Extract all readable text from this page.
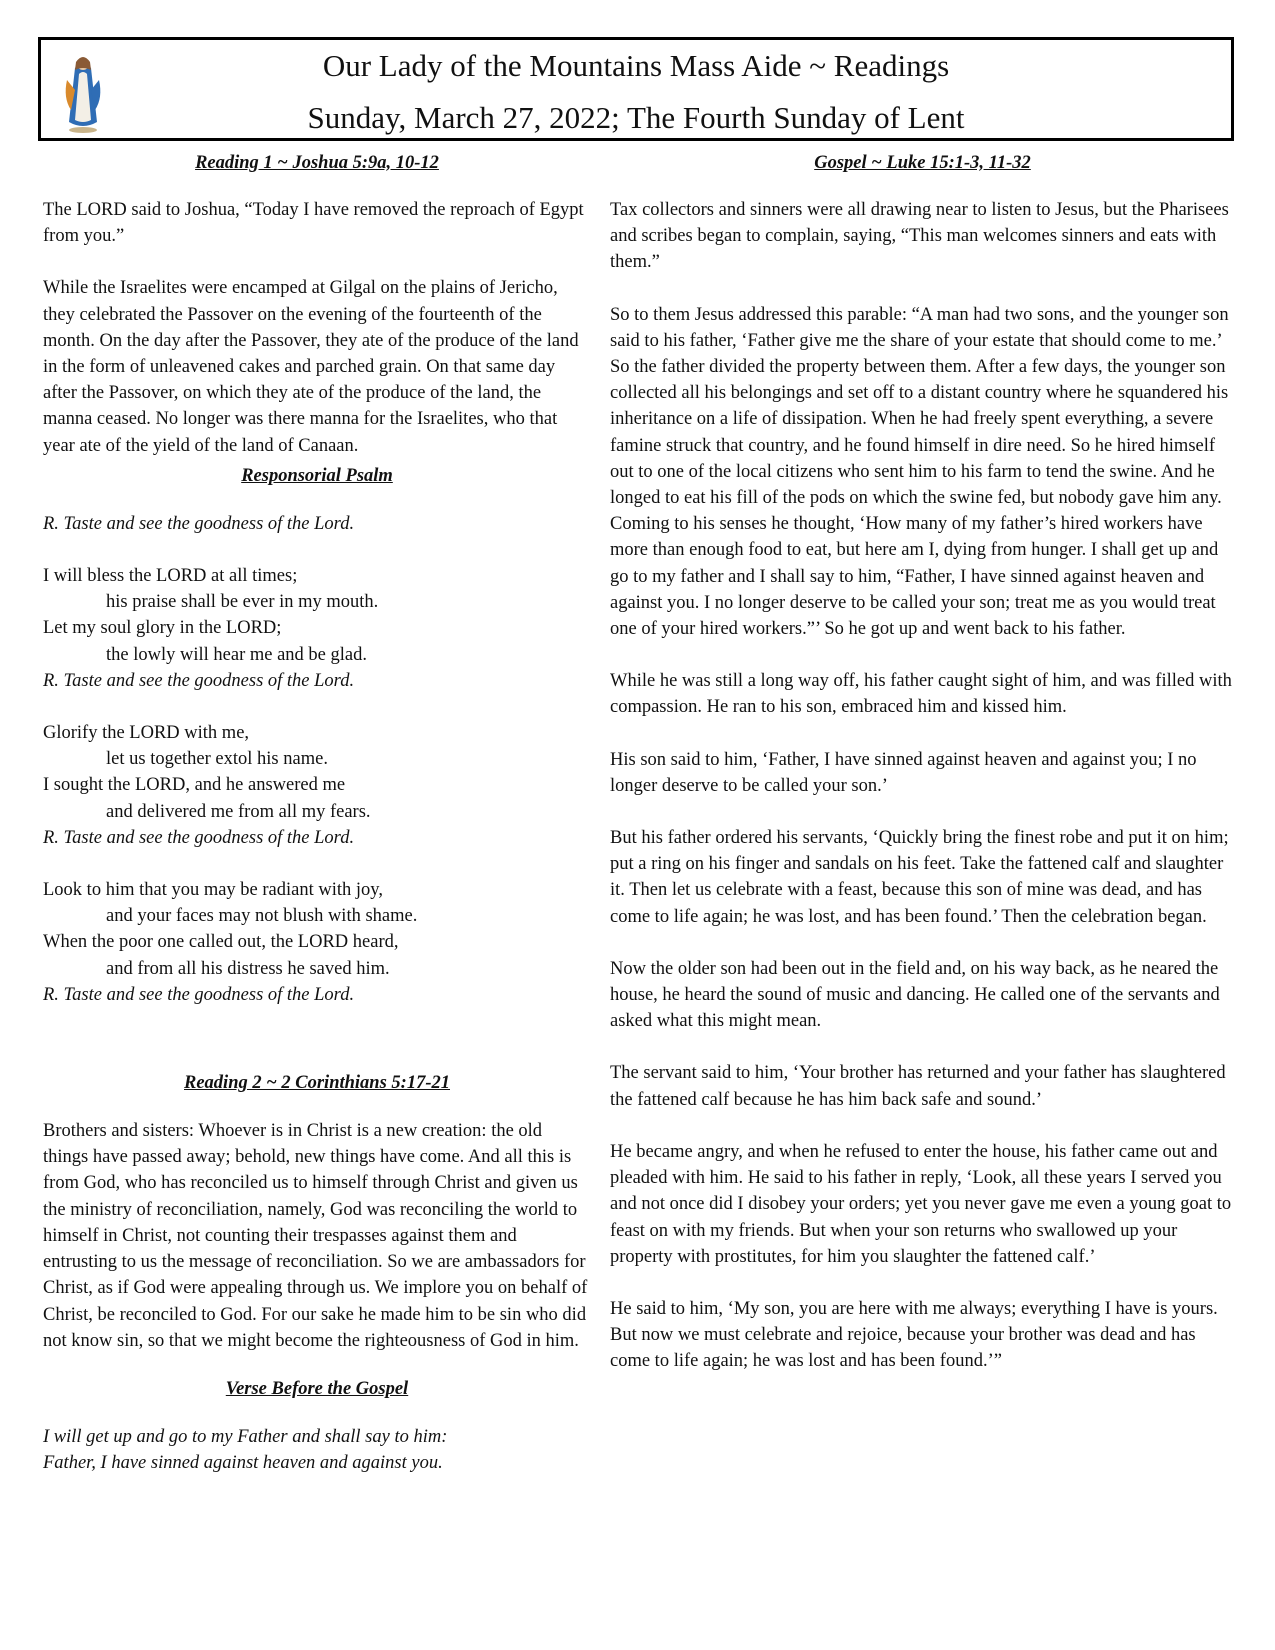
Our Lady of the Mountains Mass Aide ~ Readings
Sunday, March 27, 2022; The Fourth Sunday of Lent

Reading 1 ~ Joshua 5:9a, 10-12

The LORD said to Joshua, “Today I have removed the reproach of Egypt from you.”

While the Israelites were encamped at Gilgal on the plains of Jericho, they celebrated the Passover on the evening of the fourteenth of the month. On the day after the Passover, they ate of the produce of the land in the form of unleavened cakes and parched grain. On that same day after the Passover, on which they ate of the produce of the land, the manna ceased. No longer was there manna for the Israelites, who that year ate of the yield of the land of Canaan.

Responsorial Psalm

R. Taste and see the goodness of the Lord.

I will bless the LORD at all times;

his praise shall be ever in my mouth.

Let my soul glory in the LORD;

the lowly will hear me and be glad.

R. Taste and see the goodness of the Lord.

Glorify the LORD with me,

let us together extol his name.

I sought the LORD, and he answered me

and delivered me from all my fears.

R. Taste and see the goodness of the Lord.

Look to him that you may be radiant with joy,

and your faces may not blush with shame.

When the poor one called out, the LORD heard,

and from all his distress he saved him.

R. Taste and see the goodness of the Lord.

Reading 2 ~ 2 Corinthians 5:17-21

Brothers and sisters: Whoever is in Christ is a new creation: the old things have passed away; behold, new things have come. And all this is from God, who has reconciled us to himself through Christ and given us the ministry of reconciliation, namely, God was reconciling the world to himself in Christ, not counting their trespasses against them and entrusting to us the message of reconciliation. So we are ambassadors for Christ, as if God were appealing through us. We implore you on behalf of Christ, be reconciled to God. For our sake he made him to be sin who did not know sin, so that we might become the righteousness of God in him.

Verse Before the Gospel

I will get up and go to my Father and shall say to him:

Father, I have sinned against heaven and against you.

Gospel ~ Luke 15:1-3, 11-32

Tax collectors and sinners were all drawing near to listen to Jesus, but the Pharisees and scribes began to complain, saying, “This man welcomes sinners and eats with them.”

So to them Jesus addressed this parable: “A man had two sons, and the younger son said to his father, ‘Father give me the share of your estate that should come to me.’ So the father divided the property between them. After a few days, the younger son collected all his belongings and set off to a distant country where he squandered his inheritance on a life of dissipation. When he had freely spent everything, a severe famine struck that country, and he found himself in dire need. So he hired himself out to one of the local citizens who sent him to his farm to tend the swine. And he longed to eat his fill of the pods on which the swine fed, but nobody gave him any. Coming to his senses he thought, ‘How many of my father’s hired workers have more than enough food to eat, but here am I, dying from hunger. I shall get up and go to my father and I shall say to him, “Father, I have sinned against heaven and against you. I no longer deserve to be called your son; treat me as you would treat one of your hired workers.”’ So he got up and went back to his father.

While he was still a long way off, his father caught sight of him, and was filled with compassion. He ran to his son, embraced him and kissed him.

His son said to him, ‘Father, I have sinned against heaven and against you; I no longer deserve to be called your son.’

But his father ordered his servants, ‘Quickly bring the finest robe and put it on him; put a ring on his finger and sandals on his feet. Take the fattened calf and slaughter it. Then let us celebrate with a feast, because this son of mine was dead, and has come to life again; he was lost, and has been found.’ Then the celebration began.

Now the older son had been out in the field and, on his way back, as he neared the house, he heard the sound of music and dancing. He called one of the servants and asked what this might mean.

The servant said to him, ‘Your brother has returned and your father has slaughtered the fattened calf because he has him back safe and sound.’

He became angry, and when he refused to enter the house, his father came out and pleaded with him. He said to his father in reply, ‘Look, all these years I served you and not once did I disobey your orders; yet you never gave me even a young goat to feast on with my friends. But when your son returns who swallowed up your property with prostitutes, for him you slaughter the fattened calf.’

He said to him, ‘My son, you are here with me always; everything I have is yours. But now we must celebrate and rejoice, because your brother was dead and has come to life again; he was lost and has been found.’”
